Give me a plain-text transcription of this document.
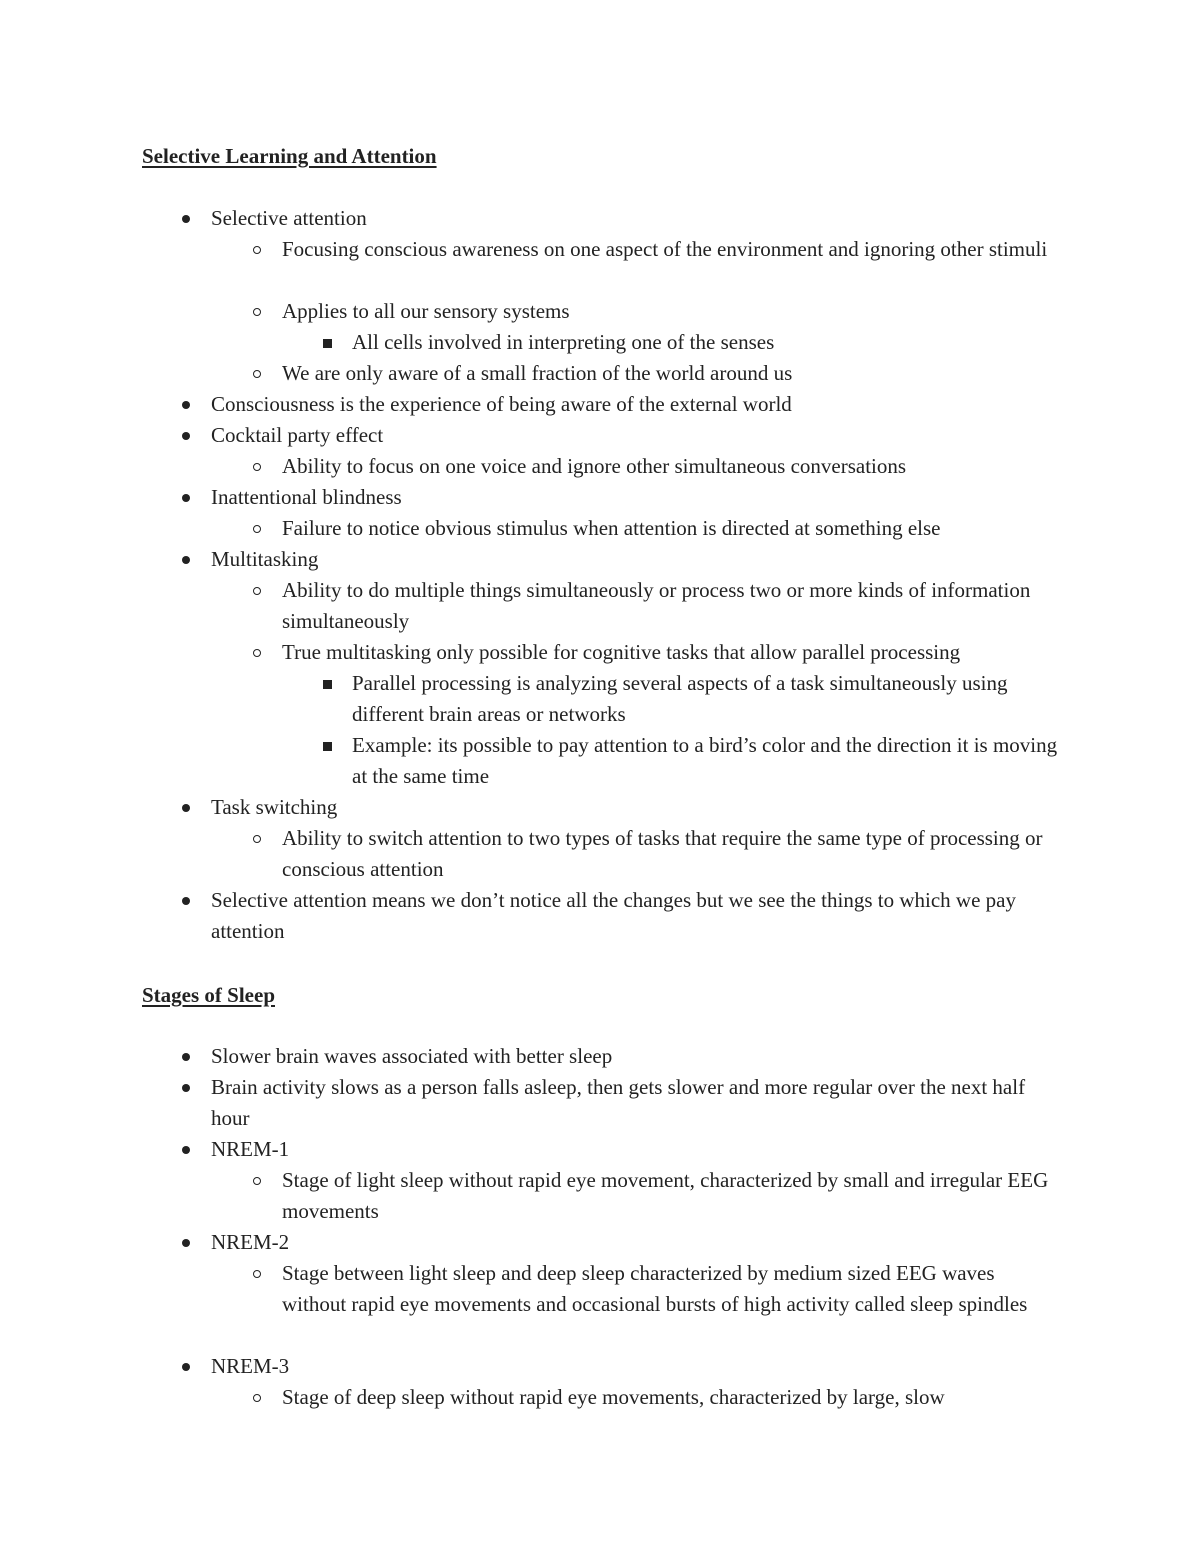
Selective Learning and Attention

Selective attention

Focusing conscious awareness on one aspect of the environment and ignoring other stimuli

Applies to all our sensory systems

All cells involved in interpreting one of the senses

We are only aware of a small fraction of the world around us

Consciousness is the experience of being aware of the external world

Cocktail party effect

Ability to focus on one voice and ignore other simultaneous conversations

Inattentional blindness

Failure to notice obvious stimulus when attention is directed at something else

Multitasking

Ability to do multiple things simultaneously or process two or more kinds of information simultaneously

True multitasking only possible for cognitive tasks that allow parallel processing

Parallel processing is analyzing several aspects of a task simultaneously using different brain areas or networks

Example: its possible to pay attention to a bird’s color and the direction it is moving at the same time

Task switching

Ability to switch attention to two types of tasks that require the same type of processing or conscious attention

Selective attention means we don’t notice all the changes but we see the things to which we pay attention

Stages of Sleep

Slower brain waves associated with better sleep

Brain activity slows as a person falls asleep, then gets slower and more regular over the next half hour

NREM-1

Stage of light sleep without rapid eye movement, characterized by small and irregular EEG movements

NREM-2

Stage between light sleep and deep sleep characterized by medium sized EEG waves without rapid eye movements and occasional bursts of high activity called sleep spindles

NREM-3

Stage of deep sleep without rapid eye movements, characterized by large, slow
